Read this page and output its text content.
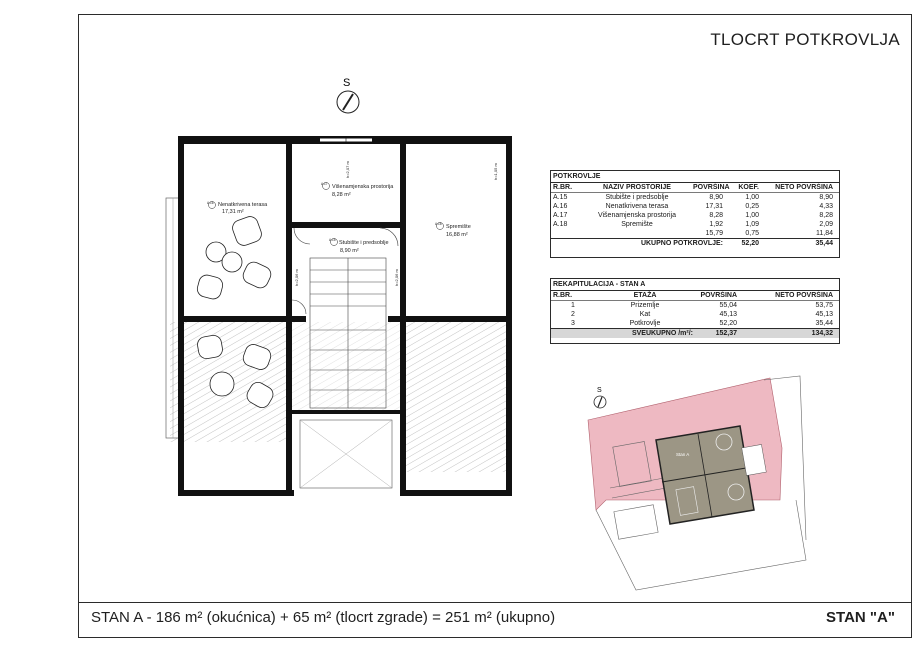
TLOCRT POTKROVLJA
S
A.16 Nenatkrivena terasa
17,31 m²
A.17 Višenamjenska prostorija
8,28 m²
A.18 Spremište
16,88 m²
A.15 Stubište i predsoblje
8,90 m²
h=2,07 m	h=1,05 m
h=2,06 m	h=2,06 m
POTKROVLJE
R.BR.	NAZIV PROSTORIJE	POVRŠINA	KOEF.	NETO POVRŠINA
A.15	Stubište i predsoblje	8,90	1,00	8,90
A.16	Nenatkrivena terasa	17,31	0,25	4,33
A.17	Višenamjenska prostorija	8,28	1,00	8,28
A.18	Spremište	1,92	1,09	2,09
15,79	0,75	11,84
UKUPNO POTKROVLJE:	52,20	35,44
REKAPITULACIJA - STAN A
R.BR.	ETAŽA	POVRŠINA	NETO POVRŠINA
1	Prizemlje	55,04	53,75
2	Kat	45,13	45,13
3	Potkrovlje	52,20	35,44
SVEUKUPNO /m²/:	152,37	134,32
S
Stan A
STAN A - 186 m² (okućnica) + 65 m² (tlocrt zgrade) = 251 m² (ukupno)	STAN "A"
